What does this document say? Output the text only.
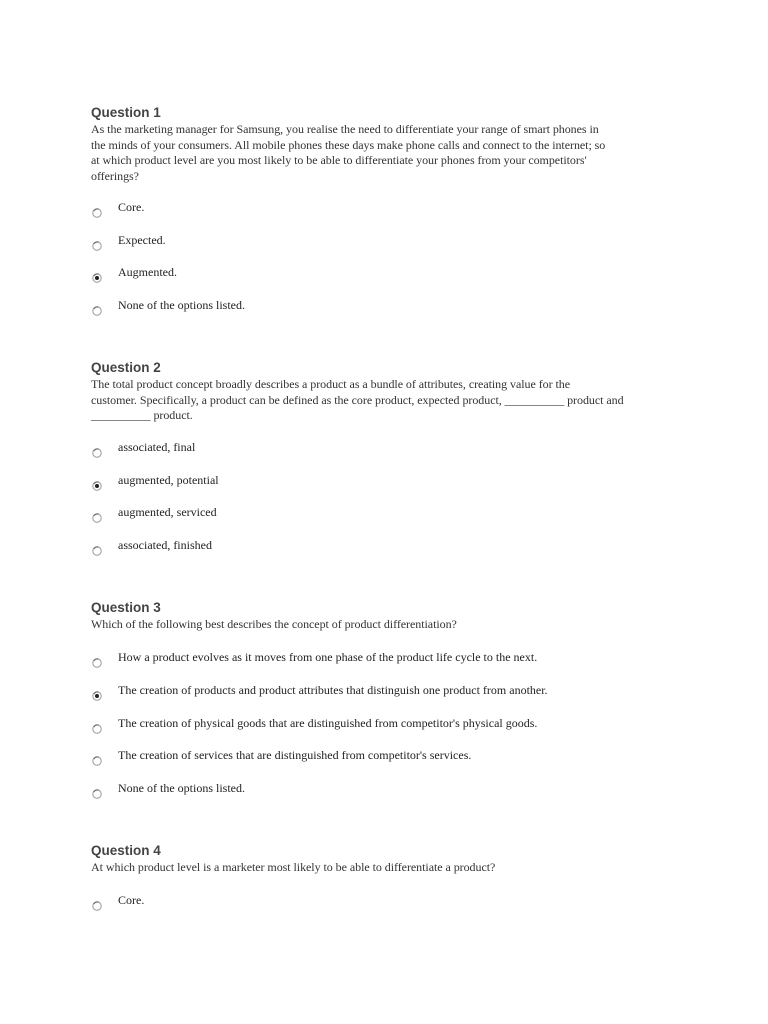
Question 1

As the marketing manager for Samsung, you realise the need to differentiate your range of smart phones in
the minds of your consumers. All mobile phones these days make phone calls and connect to the internet; so
at which product level are you most likely to be able to differentiate your phones from your competitors'
offerings?

Core.
Expected.
Augmented.
None of the options listed.
Question 2

The total product concept broadly describes a product as a bundle of attributes, creating value for the
customer. Specifically, a product can be defined as the core product, expected product, __________ product and
__________ product.

associated, final
augmented, potential
augmented, serviced
associated, finished
Question 3

Which of the following best describes the concept of product differentiation?

How a product evolves as it moves from one phase of the product life cycle to the next.
The creation of products and product attributes that distinguish one product from another.
The creation of physical goods that are distinguished from competitor's physical goods.
The creation of services that are distinguished from competitor's services.
None of the options listed.
Question 4

At which product level is a marketer most likely to be able to differentiate a product?

Core.
